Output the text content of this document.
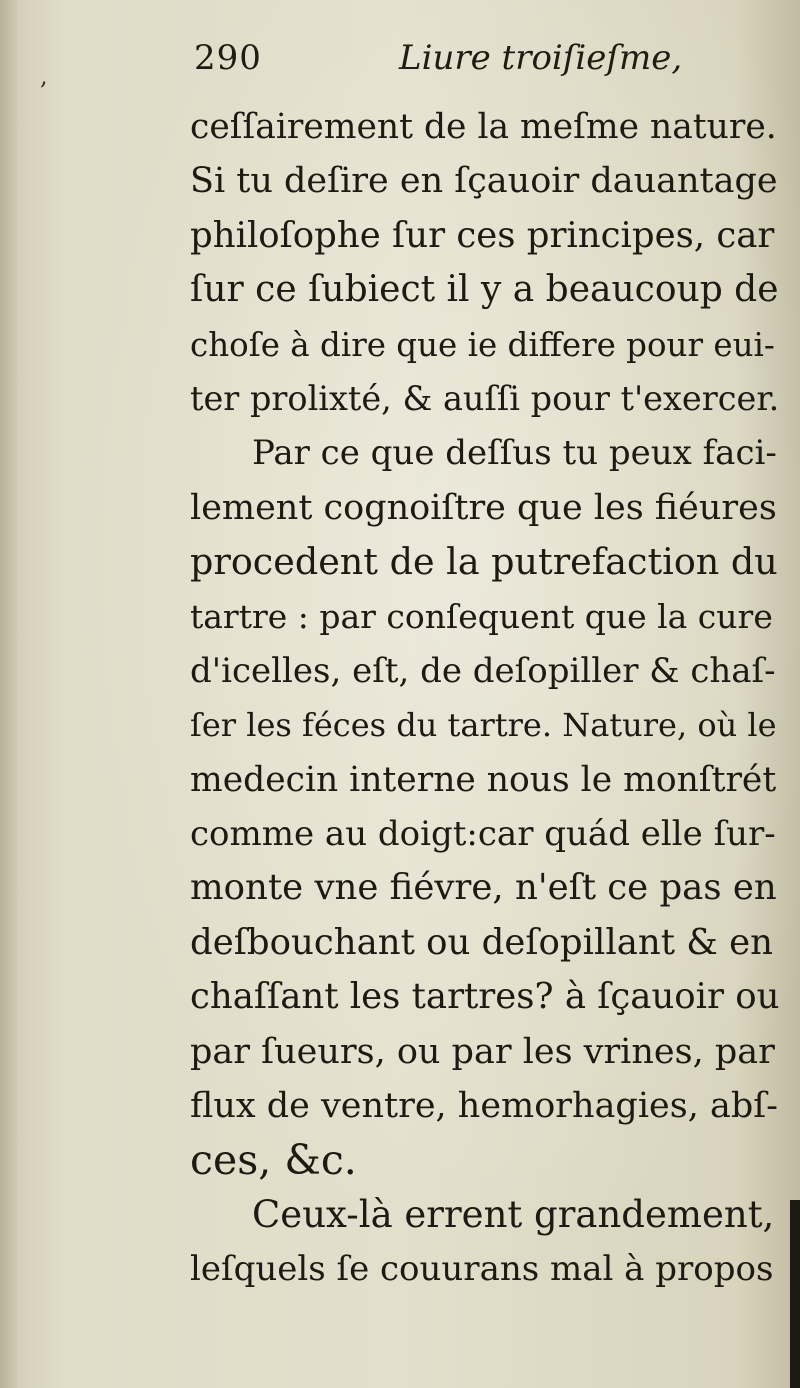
,	290	Liure troiſieſme,
ceſſairement de la meſme nature.
Si tu deſire en ſçauoir dauantage
philoſophe ſur ces principes, car
ſur ce ſubiect il y a beaucoup de
choſe à dire que ie differe pour eui-
ter prolixté, & auſſi pour t'exercer.
Par ce que deſſus tu peux faci-
lement cognoiſtre que les fiéures
procedent de la putrefaction du
tartre : par conſequent que la cure
d'icelles, eſt, de deſopiller & chaſ-
ſer les féces du tartre. Nature, où le
medecin interne nous le monſtrét
comme au doigt:car quád elle ſur-
monte vne fiévre, n'eſt ce pas en
deſbouchant ou deſopillant & en
chaſſant les tartres? à ſçauoir ou
par ſueurs, ou par les vrines, par
flux de ventre, hemorhagies, abſ-
ces, &c.
Ceux-là errent grandement,
leſquels ſe couurans mal à propos
